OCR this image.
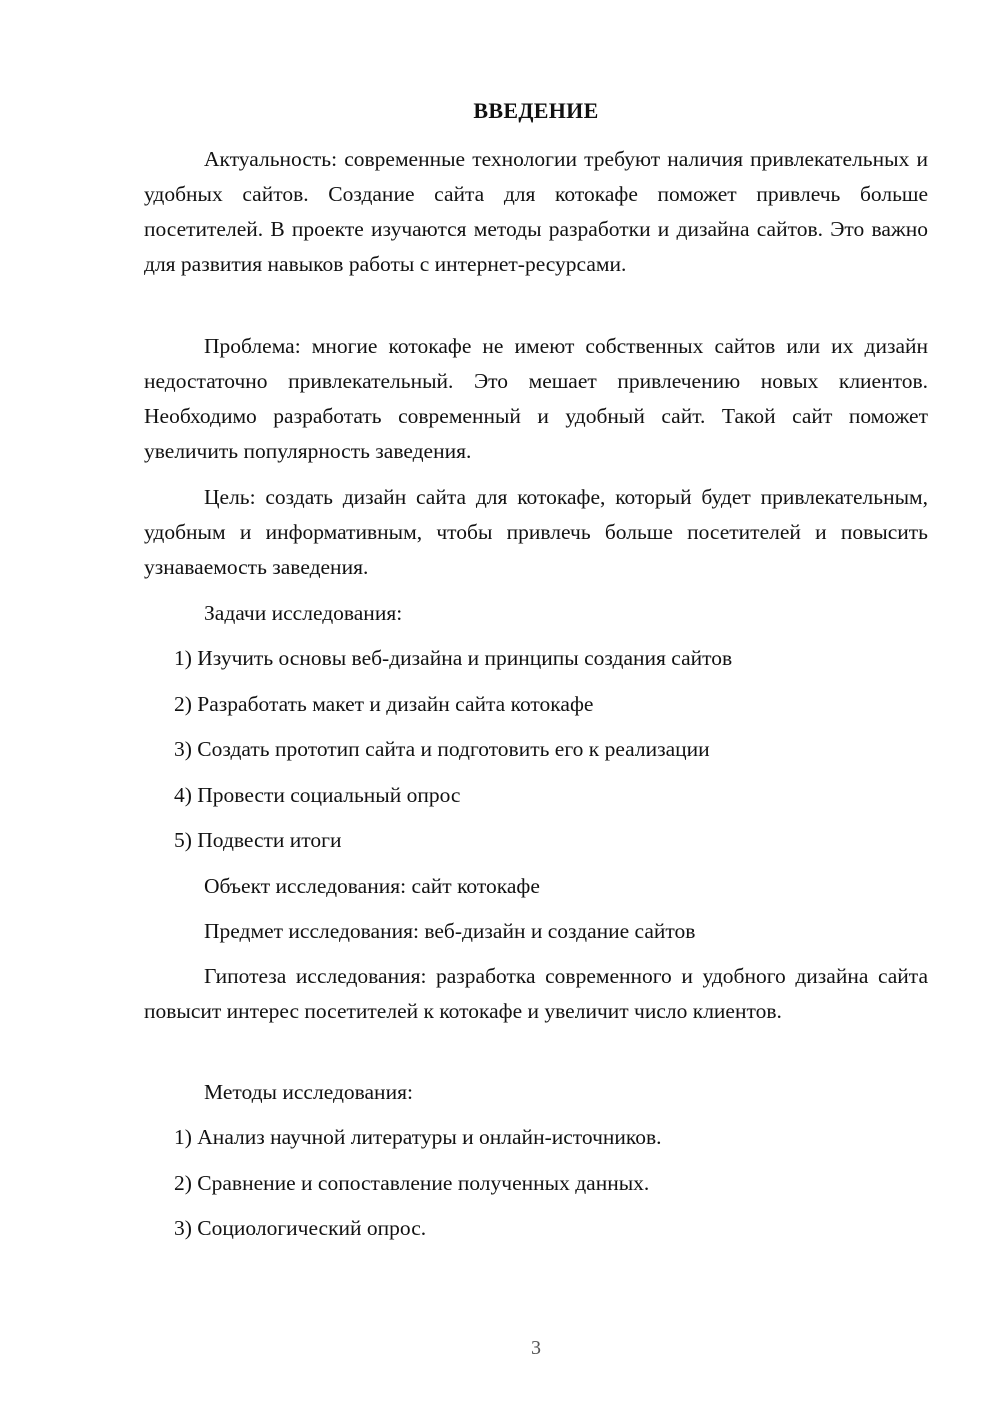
ВВЕДЕНИЕ

Актуальность: современные технологии требуют наличия привлекательных и удобных сайтов. Создание сайта для котокафе поможет привлечь больше посетителей. В проекте изучаются методы разработки и дизайна сайтов. Это важно для развития навыков работы с интернет-ресурсами.

Проблема: многие котокафе не имеют собственных сайтов или их дизайн недостаточно привлекательный. Это мешает привлечению новых клиентов. Необходимо разработать современный и удобный сайт. Такой сайт поможет увеличить популярность заведения.

Цель: создать дизайн сайта для котокафе, который будет привлекательным, удобным и информативным, чтобы привлечь больше посетителей и повысить узнаваемость заведения.

Задачи исследования:

1) Изучить основы веб-дизайна и принципы создания сайтов

2) Разработать макет и дизайн сайта котокафе

3) Создать прототип сайта и подготовить его к реализации

4) Провести социальный опрос

5) Подвести итоги

Объект исследования: сайт котокафе

Предмет исследования: веб-дизайн и создание сайтов

Гипотеза исследования: разработка современного и удобного дизайна сайта повысит интерес посетителей к котокафе и увеличит число клиентов.

Методы исследования:

1) Анализ научной литературы и онлайн-источников.

2) Сравнение и сопоставление полученных данных.

3) Социологический опрос.

3
